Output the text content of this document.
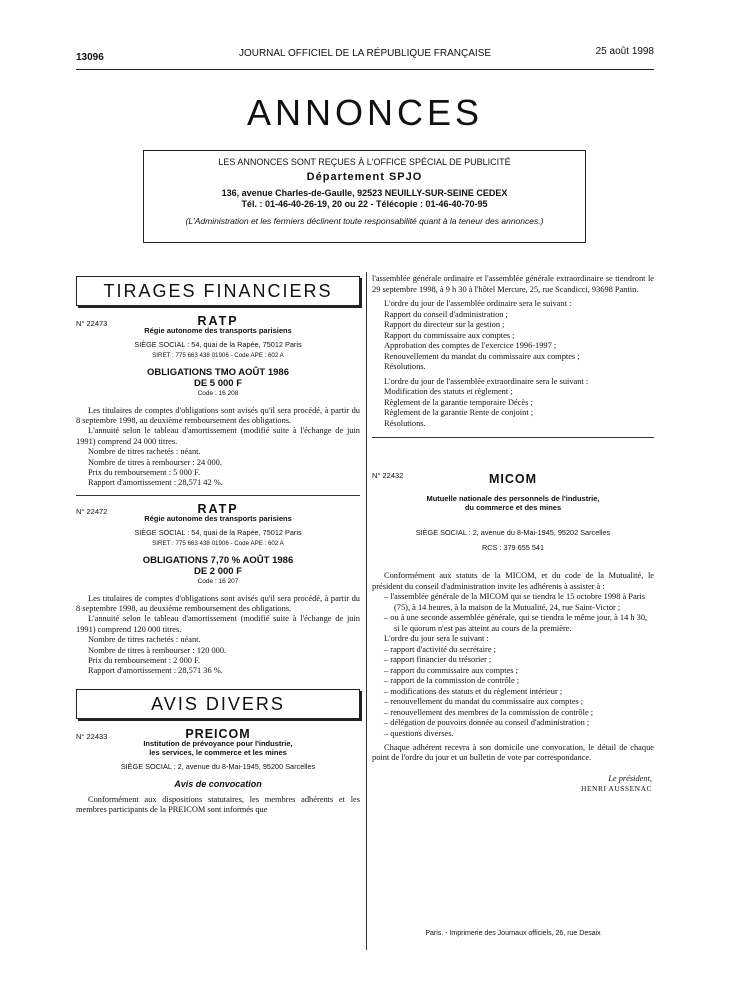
13096	JOURNAL OFFICIEL DE LA RÉPUBLIQUE FRANÇAISE	25 août 1998
ANNONCES
LES ANNONCES SONT REÇUES À L'OFFICE SPÉCIAL DE PUBLICITÉ
Département SPJO
136, avenue Charles-de-Gaulle, 92523 NEUILLY-SUR-SEINE CEDEX
Tél. : 01-46-40-26-19, 20 ou 22 - Télécopie : 01-46-40-70-95
(L'Administration et les fermiers déclinent toute responsabilité quant à la teneur des annonces.)
TIRAGES FINANCIERS
N° 22473	RATP
Régie autonome des transports parisiens
SIÈGE SOCIAL : 54, quai de la Rapée, 75012 Paris
SIRET : 775 663 438 01906 - Code APE : 602 A
OBLIGATIONS TMO AOÛT 1986
DE 5 000 F
Code : 16 208

Les titulaires de comptes d'obligations sont avisés qu'il sera procédé, à partir du 8 septembre 1998, au deuxième remboursement des obligations.

L'annuité selon le tableau d'amortissement (modifié suite à l'échange de juin 1991) comprend 24 000 titres.

Nombre de titres rachetés : néant.
Nombre de titres à rembourser : 24 000.
Prix du remboursement : 5 000 F.
Rapport d'amortissement : 28,571 42 %.
N° 22472	RATP
Régie autonome des transports parisiens
SIÈGE SOCIAL : 54, quai de la Rapée, 75012 Paris
SIRET : 775 663 438 01906 - Code APE : 602 A
OBLIGATIONS 7,70 % AOÛT 1986
DE 2 000 F
Code : 16 207

Les titulaires de comptes d'obligations sont avisés qu'il sera procédé, à partir du 8 septembre 1998, au deuxième remboursement des obligations.

L'annuité selon le tableau d'amortissement (modifié suite à l'échange de juin 1991) comprend 120 000 titres.

Nombre de titres rachetés : néant.
Nombre de titres à rembourser : 120 000.
Prix du remboursement : 2 000 F.
Rapport d'amortissement : 28,571 36 %.
AVIS DIVERS
N° 22433	PREICOM
Institution de prévoyance pour l'industrie,
les services, le commerce et les mines
SIÈGE SOCIAL : 2, avenue du 8-Mai-1945, 95200 Sarcelles
Avis de convocation

Conformément aux dispositions statutaires, les membres adhérents et les membres participants de la PREICOM sont informés que

l'assemblée générale ordinaire et l'assemblée générale extraordinaire se tiendront le 29 septembre 1998, à 9 h 30 à l'hôtel Mercure, 25, rue Scandicci, 93698 Pantin.

L'ordre du jour de l'assemblée ordinaire sera le suivant :
Rapport du conseil d'administration ;
Rapport du directeur sur la gestion ;
Rapport du commissaire aux comptes ;
Approbation des comptes de l'exercice 1996-1997 ;
Renouvellement du mandat du commissaire aux comptes ;
Résolutions.
L'ordre du jour de l'assemblée extraordinaire sera le suivant :
Modification des statuts et règlement ;
Règlement de la garantie temporaire Décès ;
Règlement de la garantie Rente de conjoint ;
Résolutions.
N° 22432	MICOM
Mutuelle nationale des personnels de l'industrie,
du commerce et des mines
SIÈGE SOCIAL : 2, avenue du 8-Mai-1945, 95202 Sarcelles
RCS : 379 655 541

Conformément aux statuts de la MICOM, et du code de la Mutualité, le président du conseil d'administration invite les adhérents à assister à :

– l'assemblée générale de la MICOM qui se tiendra le 15 octobre 1998 à Paris (75), à 14 heures, à la maison de la Mutualité, 24, rue Saint-Victor ;
– ou à une seconde assemblée générale, qui se tiendra le même jour, à 14 h 30, si le quorum n'est pas atteint au cours de la première.
L'ordre du jour sera le suivant :
– rapport d'activité du secrétaire ;
– rapport financier du trésorier ;
– rapport du commissaire aux comptes ;
– rapport de la commission de contrôle ;
– modifications des statuts et du règlement intérieur ;
– renouvellement du mandat du commissaire aux comptes ;
– renouvellement des membres de la commission de contrôle ;
– délégation de pouvoirs donnée au conseil d'administration ;
– questions diverses.

Chaque adhérent recevra à son domicile une convocation, le détail de chaque point de l'ordre du jour et un bulletin de vote par correspondance.

Le président,
HENRI AUSSENAC
Paris. - Imprimerie des Journaux officiels, 26, rue Desaix
